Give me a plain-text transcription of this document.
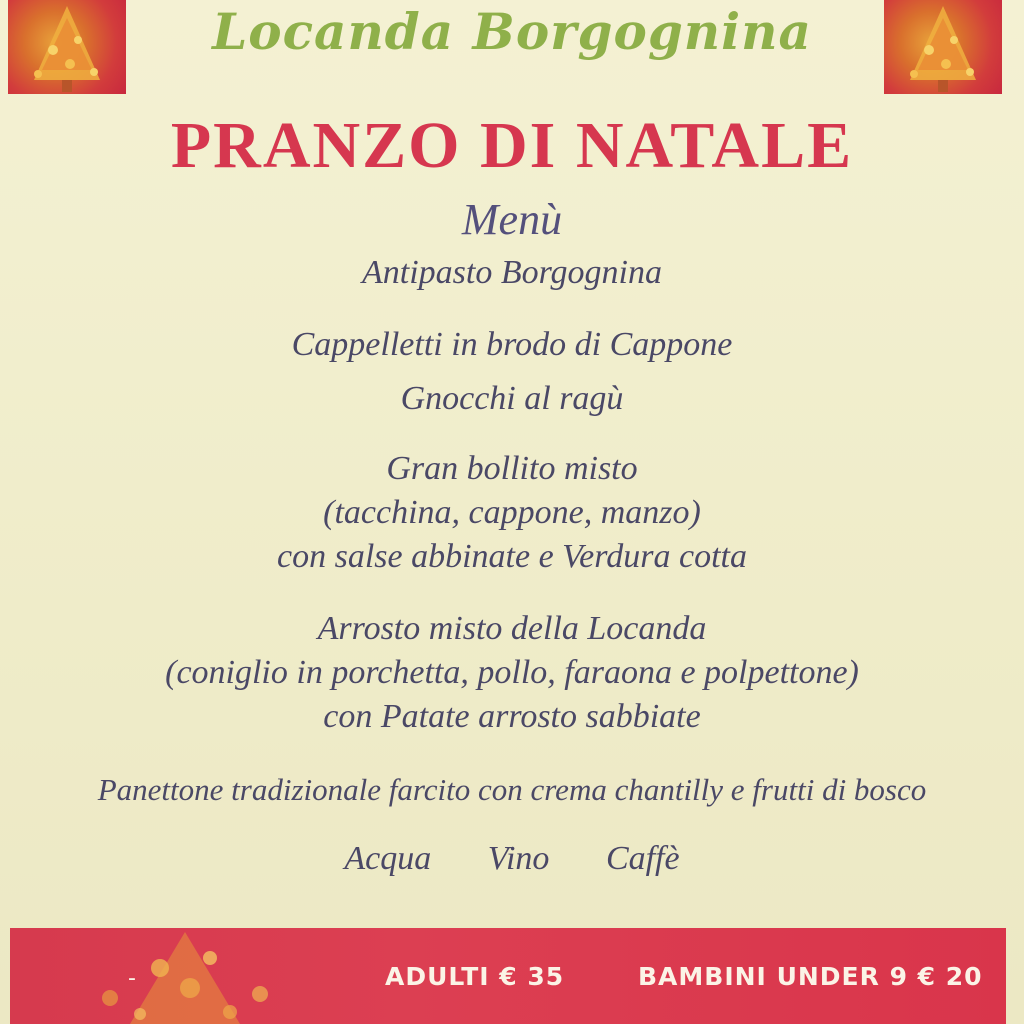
Locanda Borgognina
PRANZO DI NATALE
Menù
Antipasto Borgognina
Cappelletti in brodo di Cappone
Gnocchi al ragù
Gran bollito misto
(tacchina, cappone, manzo)
con salse abbinate e Verdura cotta
Arrosto misto della Locanda
(coniglio in porchetta, pollo, faraona e polpettone)
con Patate arrosto sabbiate
Panettone tradizionale farcito con crema chantilly e frutti di bosco
Acqua Vino Caffè
-	ADULTI € 35	BAMBINI UNDER 9 € 20
